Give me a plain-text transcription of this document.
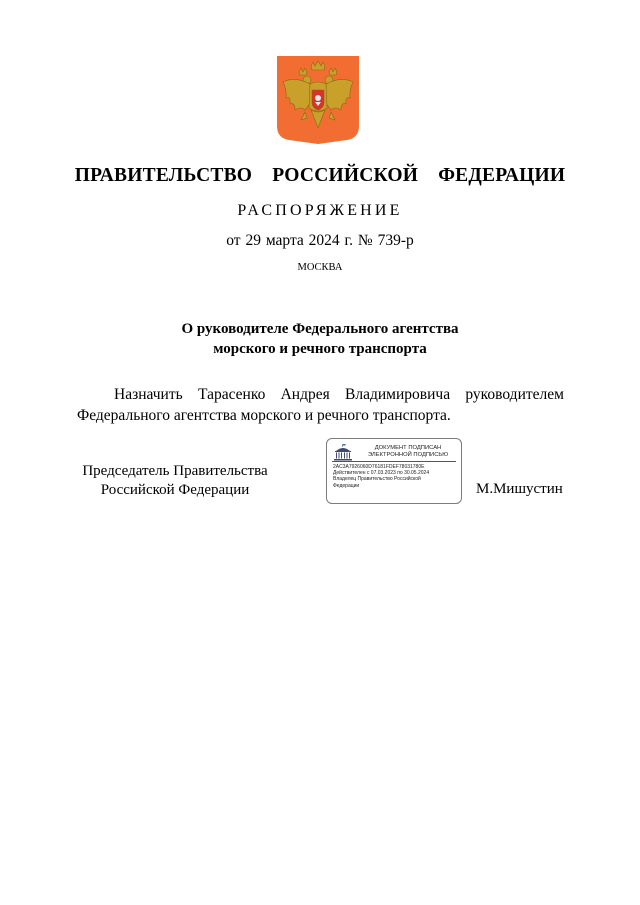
ПРАВИТЕЛЬСТВО  РОССИЙСКОЙ  ФЕДЕРАЦИИ
РАСПОРЯЖЕНИЕ
от 29 марта 2024 г. № 739-р
МОСКВА
О руководителе Федерального агентства
морского и речного транспорта
Назначить Тарасенко Андрея Владимировича руководителем
Федерального агентства морского и речного транспорта.
Председатель Правительства
Российской Федерации
ДОКУМЕНТ ПОДПИСАН
ЭЛЕКТРОННОЙ ПОДПИСЬЮ
2AC3A7926060D76181FDEF78031780E
Действителен с 07.03.2023 по 30.05.2024
Владелец Правительство Российской
Федерации	М.Мишустин
